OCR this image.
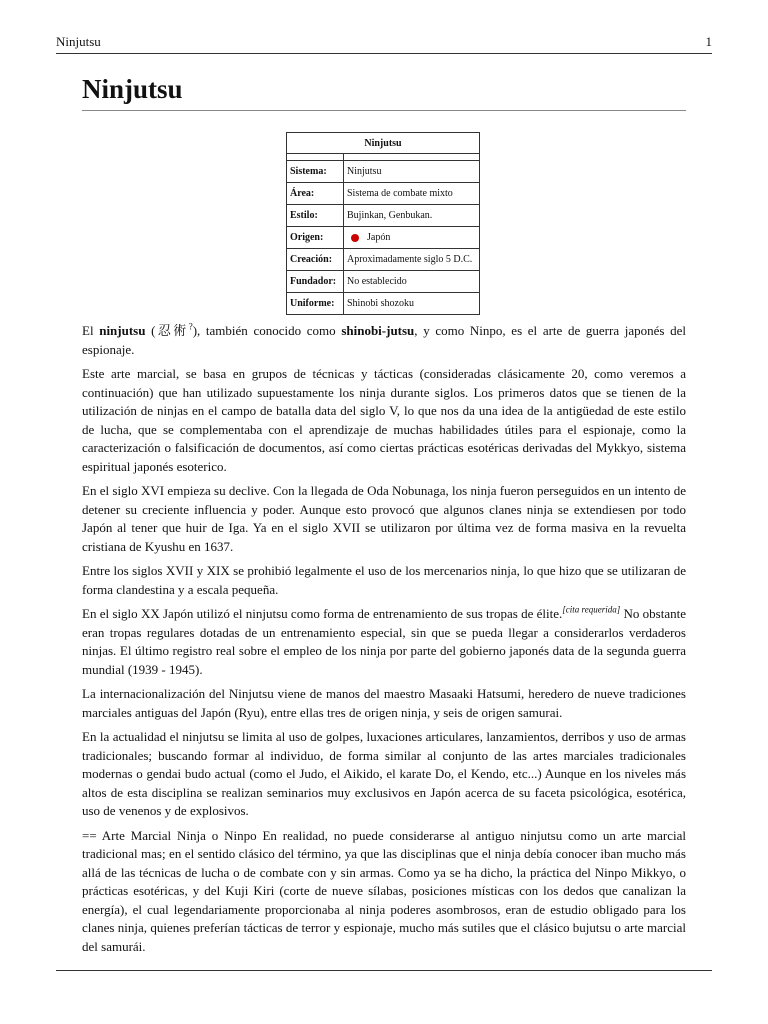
Ninjutsu	1
Ninjutsu
Ninjutsu	

Sistema:	Ninjutsu
Área:	Sistema de combate mixto
Estilo:	Bujinkan, Genbukan.
Origen:	Japón
Creación:	Aproximadamente siglo 5 D.C.
Fundador:	No establecido
Uniforme:	Shinobi shozoku

El ninjutsu (忍術?), también conocido como shinobi-jutsu, y como Ninpo, es el arte de guerra japonés del espionaje.

Este arte marcial, se basa en grupos de técnicas y tácticas (consideradas clásicamente 20, como veremos a continuación) que han utilizado supuestamente los ninja durante siglos. Los primeros datos que se tienen de la utilización de ninjas en el campo de batalla data del siglo V, lo que nos da una idea de la antigüedad de este estilo de lucha, que se complementaba con el aprendizaje de muchas habilidades útiles para el espionaje, como la caracterización o falsificación de documentos, así como ciertas prácticas esotéricas derivadas del Mykkyo, sistema espiritual japonés esoterico.

En el siglo XVI empieza su declive. Con la llegada de Oda Nobunaga, los ninja fueron perseguidos en un intento de detener su creciente influencia y poder. Aunque esto provocó que algunos clanes ninja se extendiesen por todo Japón al tener que huir de Iga. Ya en el siglo XVII se utilizaron por última vez de forma masiva en la revuelta cristiana de Kyushu en 1637.

Entre los siglos XVII y XIX se prohibió legalmente el uso de los mercenarios ninja, lo que hizo que se utilizaran de forma clandestina y a escala pequeña.

En el siglo XX Japón utilizó el ninjutsu como forma de entrenamiento de sus tropas de élite.[cita requerida] No obstante eran tropas regulares dotadas de un entrenamiento especial, sin que se pueda llegar a considerarlos verdaderos ninjas. El último registro real sobre el empleo de los ninja por parte del gobierno japonés data de la segunda guerra mundial (1939 - 1945).

La internacionalización del Ninjutsu viene de manos del maestro Masaaki Hatsumi, heredero de nueve tradiciones marciales antiguas del Japón (Ryu), entre ellas tres de origen ninja, y seis de origen samurai.

En la actualidad el ninjutsu se limita al uso de golpes, luxaciones articulares, lanzamientos, derribos y uso de armas tradicionales; buscando formar al individuo, de forma similar al conjunto de las artes marciales tradicionales modernas o gendai budo actual (como el Judo, el Aikido, el karate Do, el Kendo, etc...) Aunque en los niveles más altos de esta disciplina se realizan seminarios muy exclusivos en Japón acerca de su faceta psicológica, esotérica, uso de venenos y de explosivos.

== Arte Marcial Ninja o Ninpo En realidad, no puede considerarse al antiguo ninjutsu como un arte marcial tradicional mas; en el sentido clásico del término, ya que las disciplinas que el ninja debía conocer iban mucho más allá de las técnicas de lucha o de combate con y sin armas. Como ya se ha dicho, la práctica del Ninpo Mikkyo, o prácticas esotéricas, y del Kuji Kiri (corte de nueve sílabas, posiciones místicas con los dedos que canalizan la energía), el cual legendariamente proporcionaba al ninja poderes asombrosos, eran de estudio obligado para los clanes ninja, quienes preferían tácticas de terror y espionaje, mucho más sutiles que el clásico bujutsu o arte marcial del samurái.
